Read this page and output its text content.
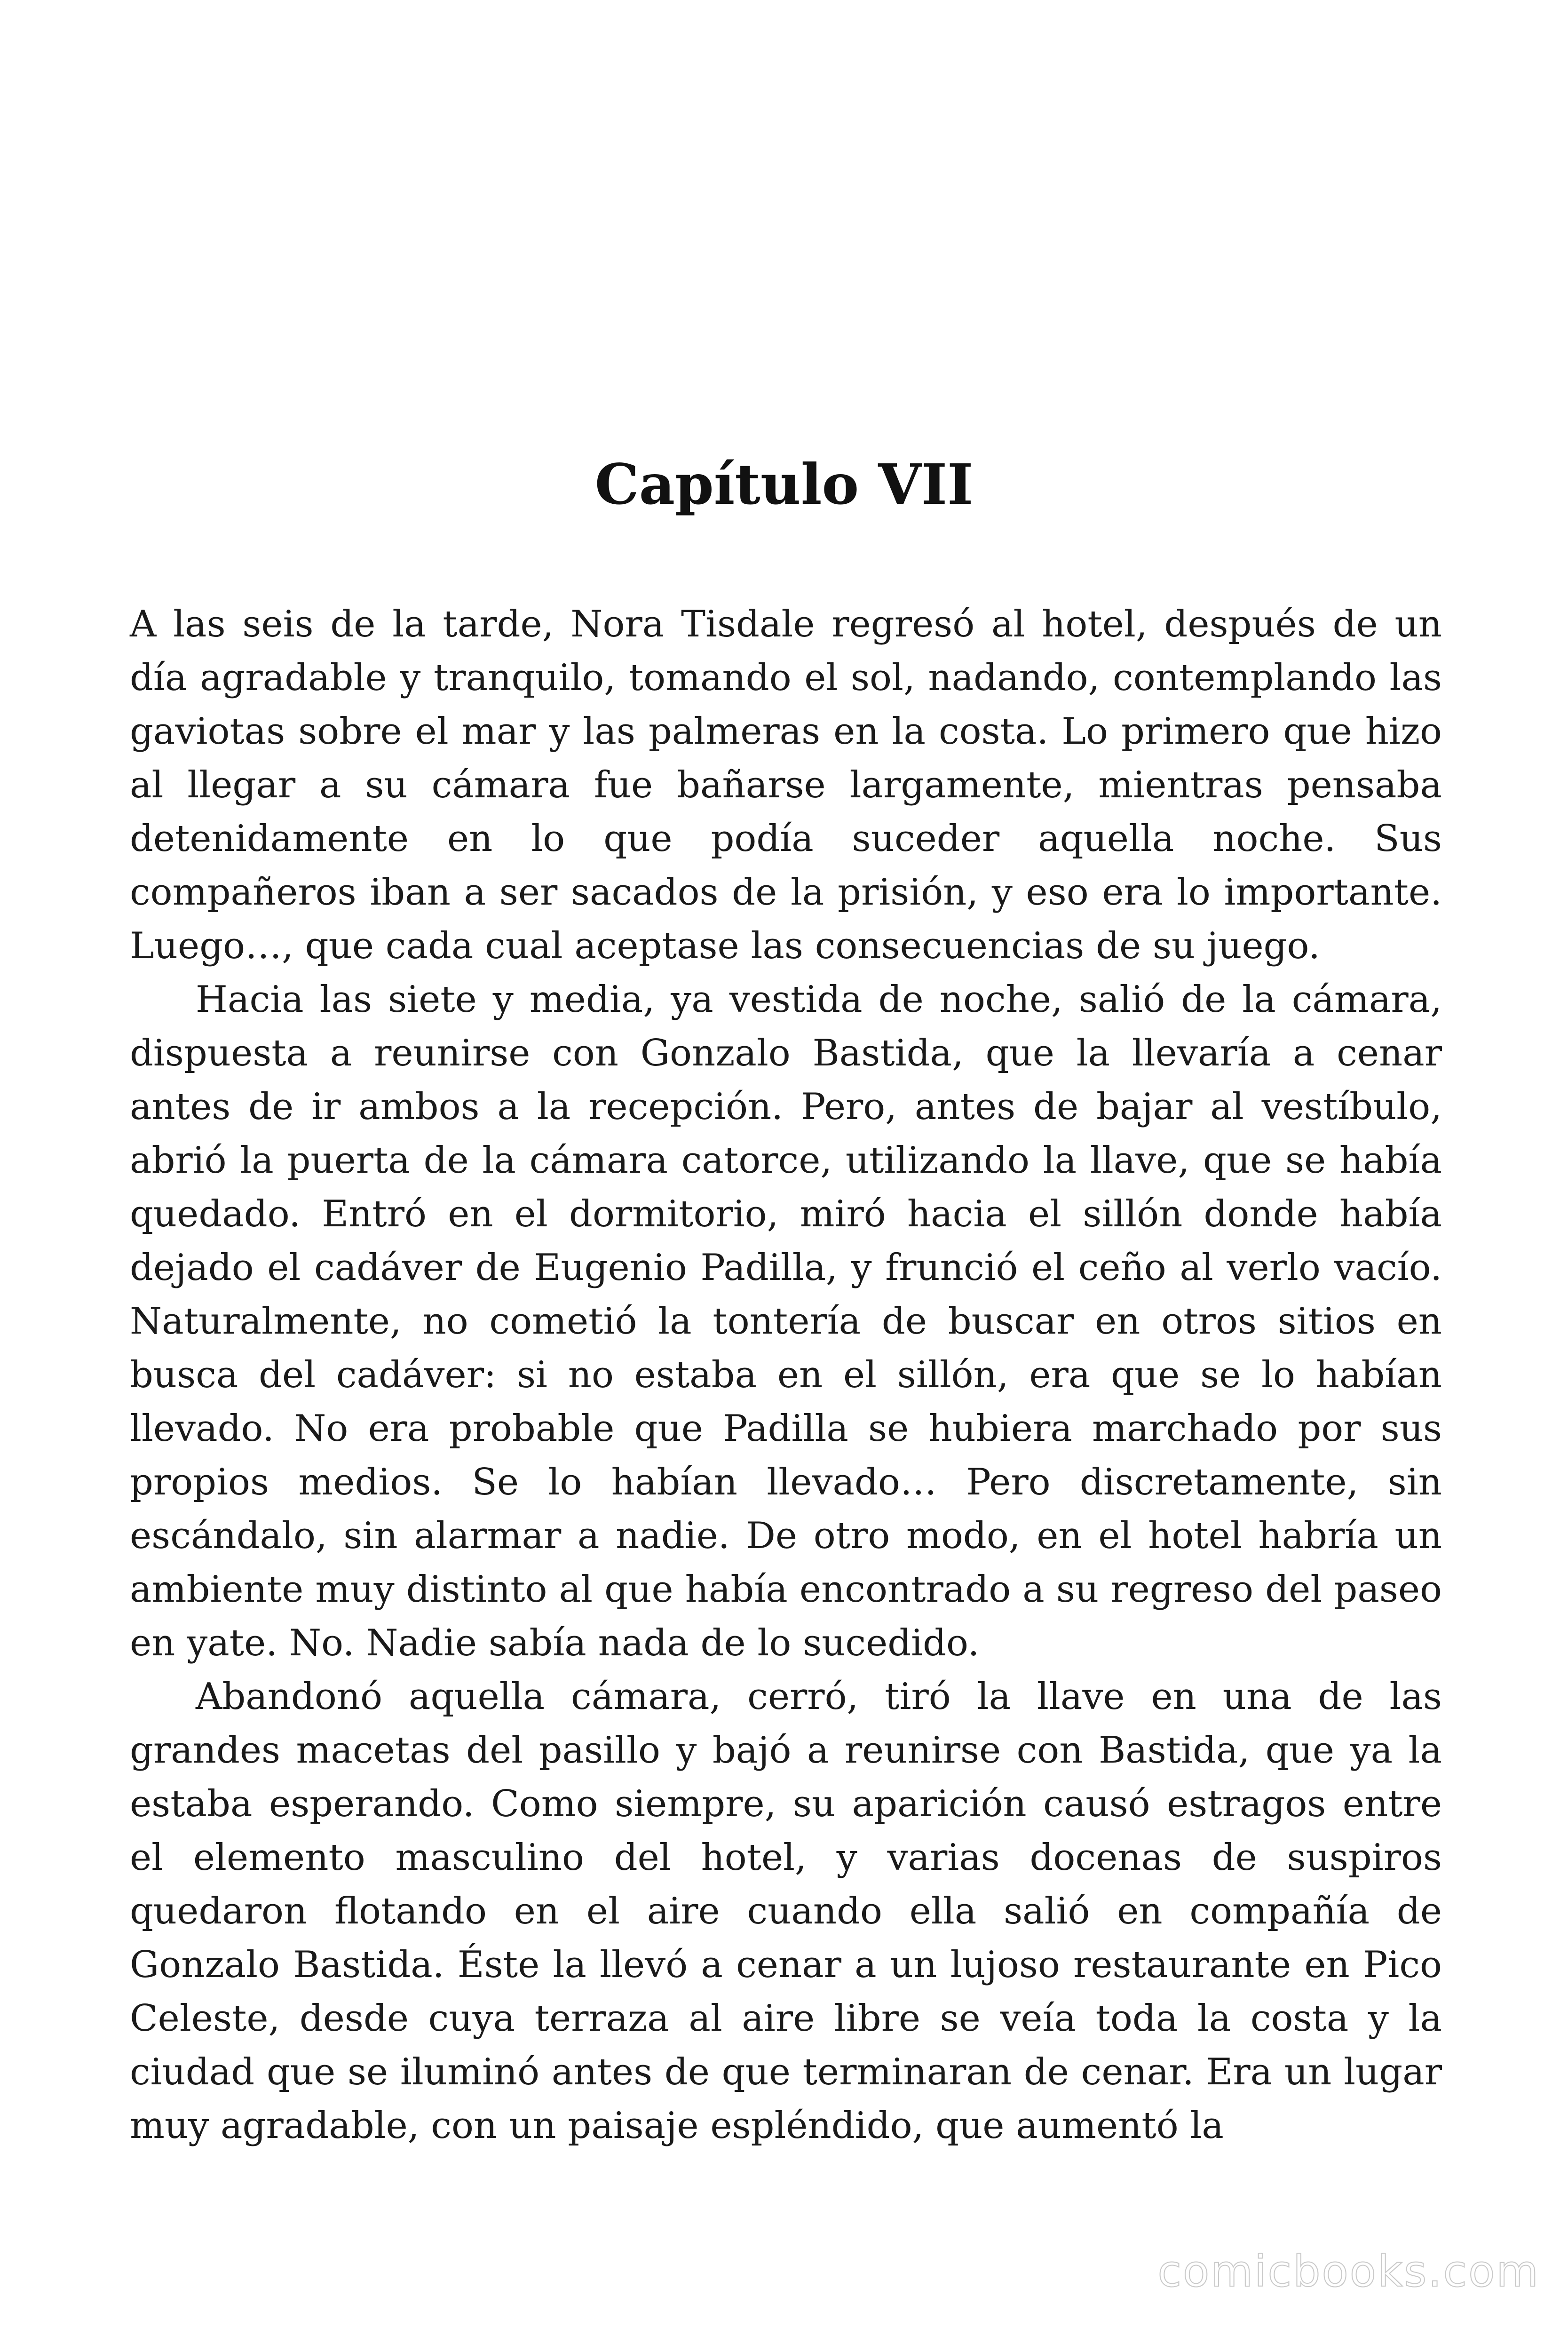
Capítulo VII

A las seis de la tarde, Nora Tisdale regresó al hotel, después de un día agradable y tranquilo, tomando el sol, nadando, contemplando las gaviotas sobre el mar y las palmeras en la costa. Lo primero que hizo al llegar a su cámara fue bañarse largamente, mientras pensaba detenidamente en lo que podía suceder aquella noche. Sus compañeros iban a ser sacados de la prisión, y eso era lo importante. Luego…, que cada cual aceptase las consecuencias de su juego.

Hacia las siete y media, ya vestida de noche, salió de la cámara, dispuesta a reunirse con Gonzalo Bastida, que la llevaría a cenar antes de ir ambos a la recepción. Pero, antes de bajar al vestíbulo, abrió la puerta de la cámara catorce, utilizando la llave, que se había quedado. Entró en el dormitorio, miró hacia el sillón donde había dejado el cadáver de Eugenio Padilla, y frunció el ceño al verlo vacío. Naturalmente, no cometió la tontería de buscar en otros sitios en busca del cadáver: si no estaba en el sillón, era que se lo habían llevado. No era probable que Padilla se hubiera marchado por sus propios medios. Se lo habían llevado… Pero discretamente, sin escándalo, sin alarmar a nadie. De otro modo, en el hotel habría un ambiente muy distinto al que había encontrado a su regreso del paseo en yate. No. Nadie sabía nada de lo sucedido.

Abandonó aquella cámara, cerró, tiró la llave en una de las grandes macetas del pasillo y bajó a reunirse con Bastida, que ya la estaba esperando. Como siempre, su aparición causó estragos entre el elemento masculino del hotel, y varias docenas de suspiros quedaron flotando en el aire cuando ella salió en compañía de Gonzalo Bastida. Éste la llevó a cenar a un lujoso restaurante en Pico Celeste, desde cuya terraza al aire libre se veía toda la costa y la ciudad que se iluminó antes de que terminaran de cenar. Era un lugar muy agradable, con un paisaje espléndido, que aumentó la

comicbooks.com
